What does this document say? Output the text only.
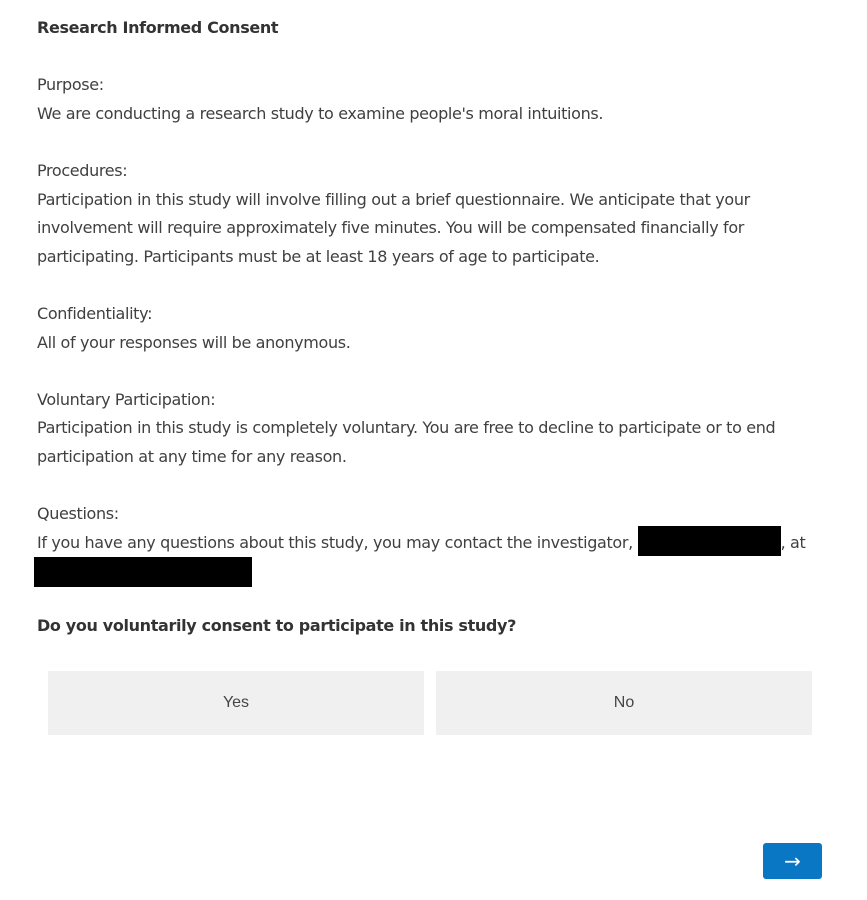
Research Informed Consent

Purpose:

We are conducting a research study to examine people's moral intuitions.

Procedures:

Participation in this study will involve filling out a brief questionnaire. We anticipate that your involvement will require approximately five minutes. You will be compensated financially for participating. Participants must be at least 18 years of age to participate.

Confidentiality:

All of your responses will be anonymous.

Voluntary Participation:

Participation in this study is completely voluntary. You are free to decline to participate or to end participation at any time for any reason.

Questions:

If you have any questions about this study, you may contact the investigator,	, at

Do you voluntarily consent to participate in this study?

Yes	No
→
